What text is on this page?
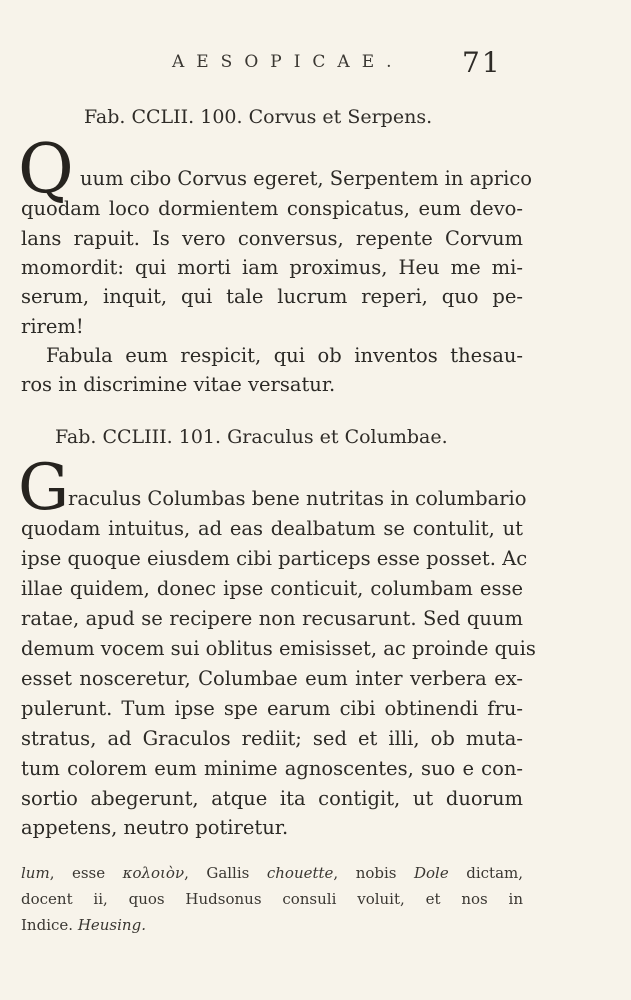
AESOPICAE. 71
Fab. CCLII. 100. Corvus et Serpens.
Q uum cibo Corvus egeret, Serpentem in aprico
quodam loco dormientem conspicatus, eum devo-
lans rapuit. Is vero conversus, repente Corvum
momordit: qui morti iam proximus, Heu me mi-
serum, inquit, qui tale lucrum reperi, quo pe-
rirem!
Fabula eum respicit, qui ob inventos thesau-
ros in discrimine vitae versatur.
Fab. CCLIII. 101. Graculus et Columbae.
G
raculus Columbas bene nutritas in columbario
quodam intuitus, ad eas dealbatum se contulit, ut
ipse quoque eiusdem cibi particeps esse posset. Ac
illae quidem, donec ipse conticuit, columbam esse
ratae, apud se recipere non recusarunt. Sed quum
demum vocem sui oblitus emisisset, ac proinde quis
esset nosceretur, Columbae eum inter verbera ex-
pulerunt. Tum ipse spe earum cibi obtinendi fru-
stratus, ad Graculos rediit; sed et illi, ob muta-
tum colorem eum minime agnoscentes, suo e con-
sortio abegerunt, atque ita contigit, ut duorum
appetens, neutro potiretur.
lum, esse κολοιὸν, Gallis chouette, nobis Dole dictam,
docent ii, quos Hudsonus consuli voluit, et nos in
Indice. Heusing.
